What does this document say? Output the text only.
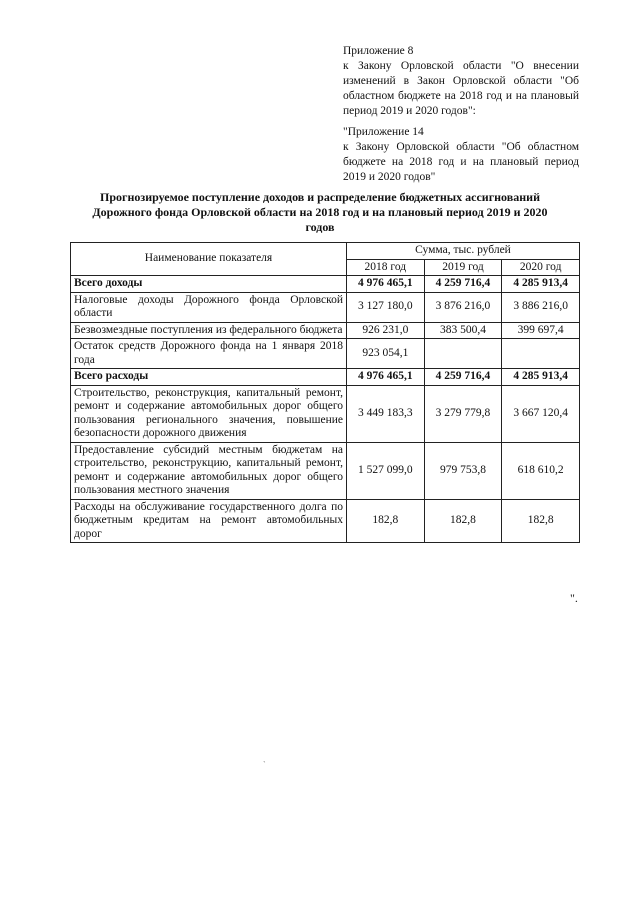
Приложение 8

к Закону Орловской области "О внесении изменений в Закон Орловской области "Об областном бюджете на 2018 год и на плановый период 2019 и 2020 годов":

"Приложение 14

к Закону Орловской области "Об областном бюджете на 2018 год и на плановый период 2019 и 2020 годов"

Прогнозируемое поступление доходов и распределение бюджетных ассигнований Дорожного фонда Орловской области на 2018 год и на плановый период 2019 и 2020 годов
Наименование показателя	Сумма, тыс. рублей		
	2018 год	2019 год	2020 год
Всего доходы	4 976 465,1	4 259 716,4	4 285 913,4
Налоговые доходы Дорожного фонда Орловской области	3 127 180,0	3 876 216,0	3 886 216,0
Безвозмездные поступления из федерального бюджета	926 231,0	383 500,4	399 697,4
Остаток средств Дорожного фонда на 1 января 2018 года	923 054,1		
Всего расходы	4 976 465,1	4 259 716,4	4 285 913,4
Строительство, реконструкция, капитальный ремонт, ремонт и содержание автомобильных дорог общего пользования регионального значения, повышение безопасности дорожного движения	3 449 183,3	3 279 779,8	3 667 120,4
Предоставление субсидий местным бюджетам на строительство, реконструкцию, капитальный ремонт, ремонт и содержание автомобильных дорог общего пользования местного значения	1 527 099,0	979 753,8	618 610,2
Расходы на обслуживание государственного долга по бюджетным кредитам на ремонт автомобильных дорог	182,8	182,8	182,8
".
`
